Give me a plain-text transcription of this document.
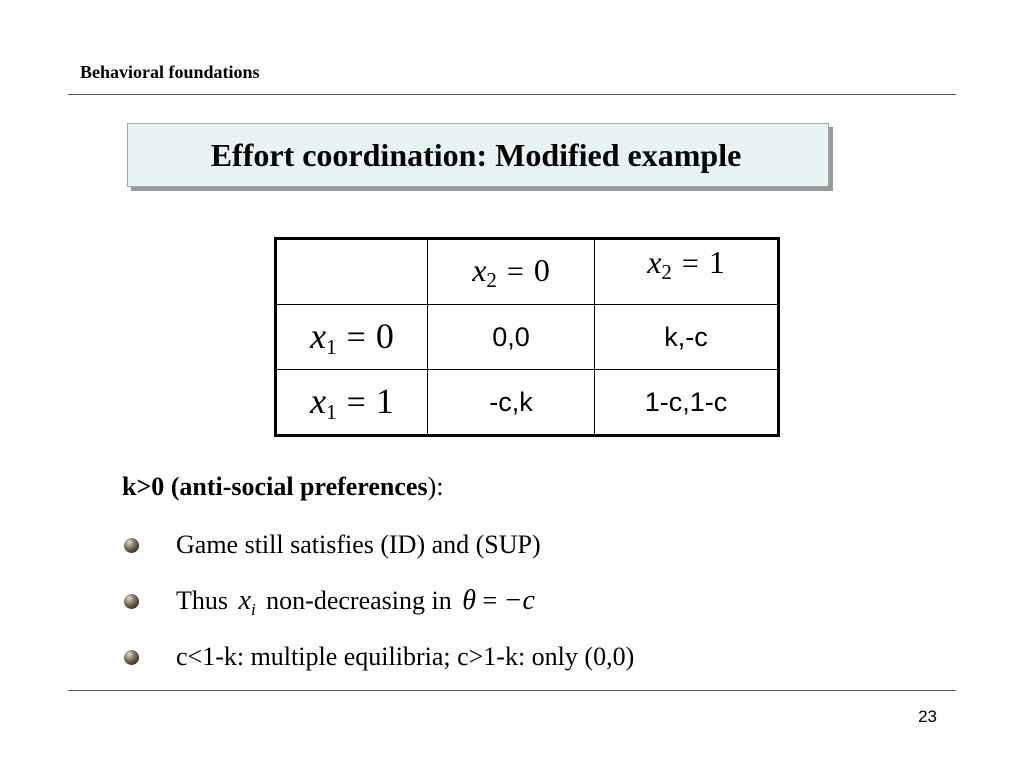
Behavioral foundations
Effort coordination: Modified example
	x2 = 0	x2 = 1
x1 = 0	0,0	k,-c
x1 = 1	-c,k	1-c,1-c
k>0 (anti-social preferences):
Game still satisfies (ID) and (SUP)
Thus $x_i$ non-decreasing in θ = −c
c<1-k: multiple equilibria; c>1-k: only (0,0)
23
